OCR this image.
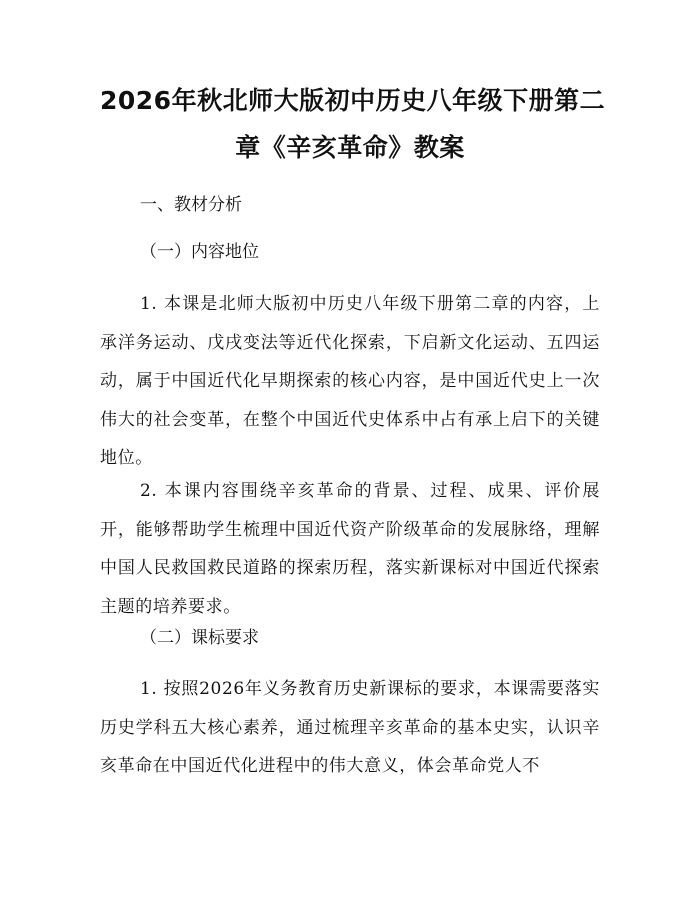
2026年秋北师大版初中历史八年级下册第二
章《辛亥革命》教案
一、教材分析
（一）内容地位
1. 本课是北师大版初中历史八年级下册第二章的内容，上承洋务运动、戊戌变法等近代化探索，下启新文化运动、五四运动，属于中国近代化早期探索的核心内容，是中国近代史上一次伟大的社会变革，在整个中国近代史体系中占有承上启下的关键地位。
2. 本课内容围绕辛亥革命的背景、过程、成果、评价展开，能够帮助学生梳理中国近代资产阶级革命的发展脉络，理解中国人民救国救民道路的探索历程，落实新课标对中国近代探索主题的培养要求。
（二）课标要求
1. 按照2026年义务教育历史新课标的要求，本课需要落实历史学科五大核心素养，通过梳理辛亥革命的基本史实，认识辛亥革命在中国近代化进程中的伟大意义，体会革命党人不
